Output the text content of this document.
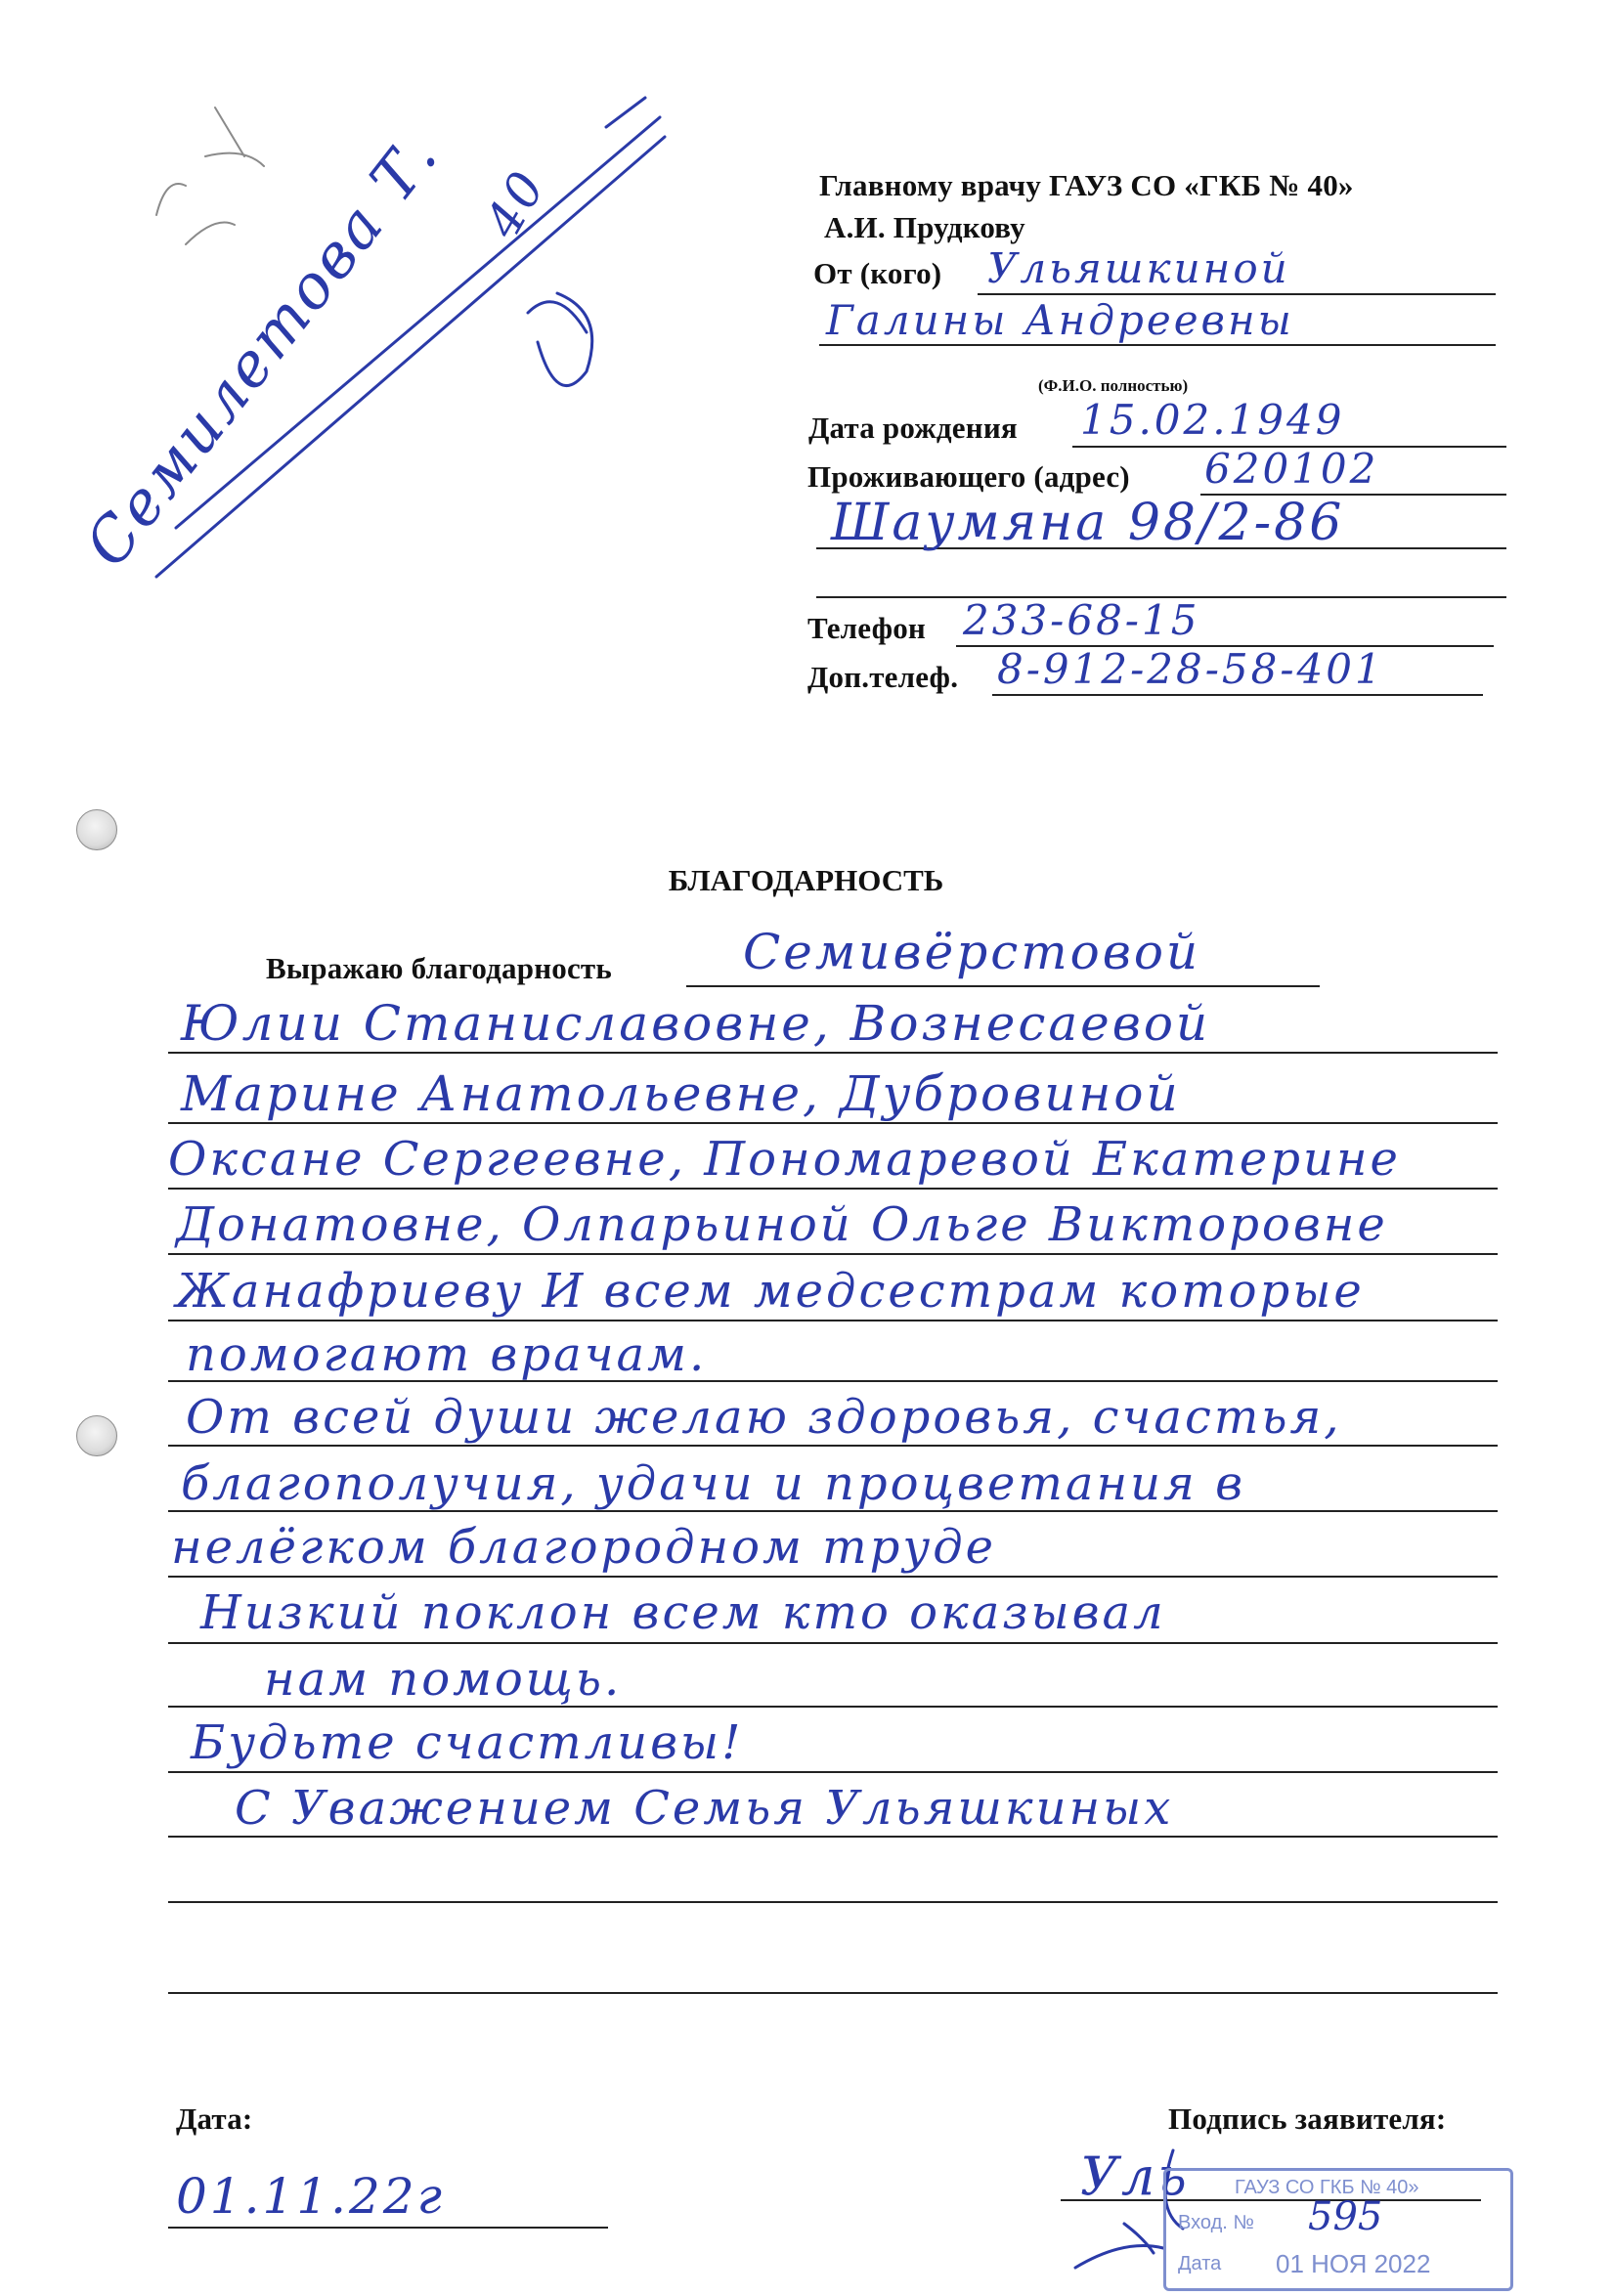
Семилетова Т. 40	Главному врачу ГАУЗ СО «ГКБ № 40»
А.И. Прудкову
От (кого) Ульяшкиной
Галины Андреевны
(Ф.И.О. полностью)
Дата рождения 15.02.1949
Проживающего (адрес) 620102
Шаумяна 98/2-86
Телефон 233-68-15
Доп.телеф. 8-912-28-58-401
БЛАГОДАРНОСТЬ
Выражаю благодарность	Семивёрстовой
Юлии Станиславовне, Вознесаевой
Марине Анатольевне, Дубровиной
Оксане Сергеевне, Пономаревой Екатерине
Донатовне, Олпарьиной Ольге Викторовне
Жанафриеву И всем медсестрам которые
помогают врачам.
От всей души желаю здоровья, счастья,
благополучия, удачи и процветания в
нелёгком благородном труде
Низкий поклон всем кто оказывал
нам помощь.
Будьте счастливы!
С Уважением Семья Ульяшкиных
Дата:
01.11.22г
Подпись заявителя:
Уль ГАУЗ СО ГКБ № 40»
Вход. № 595
Дата 01 НОЯ 2022
